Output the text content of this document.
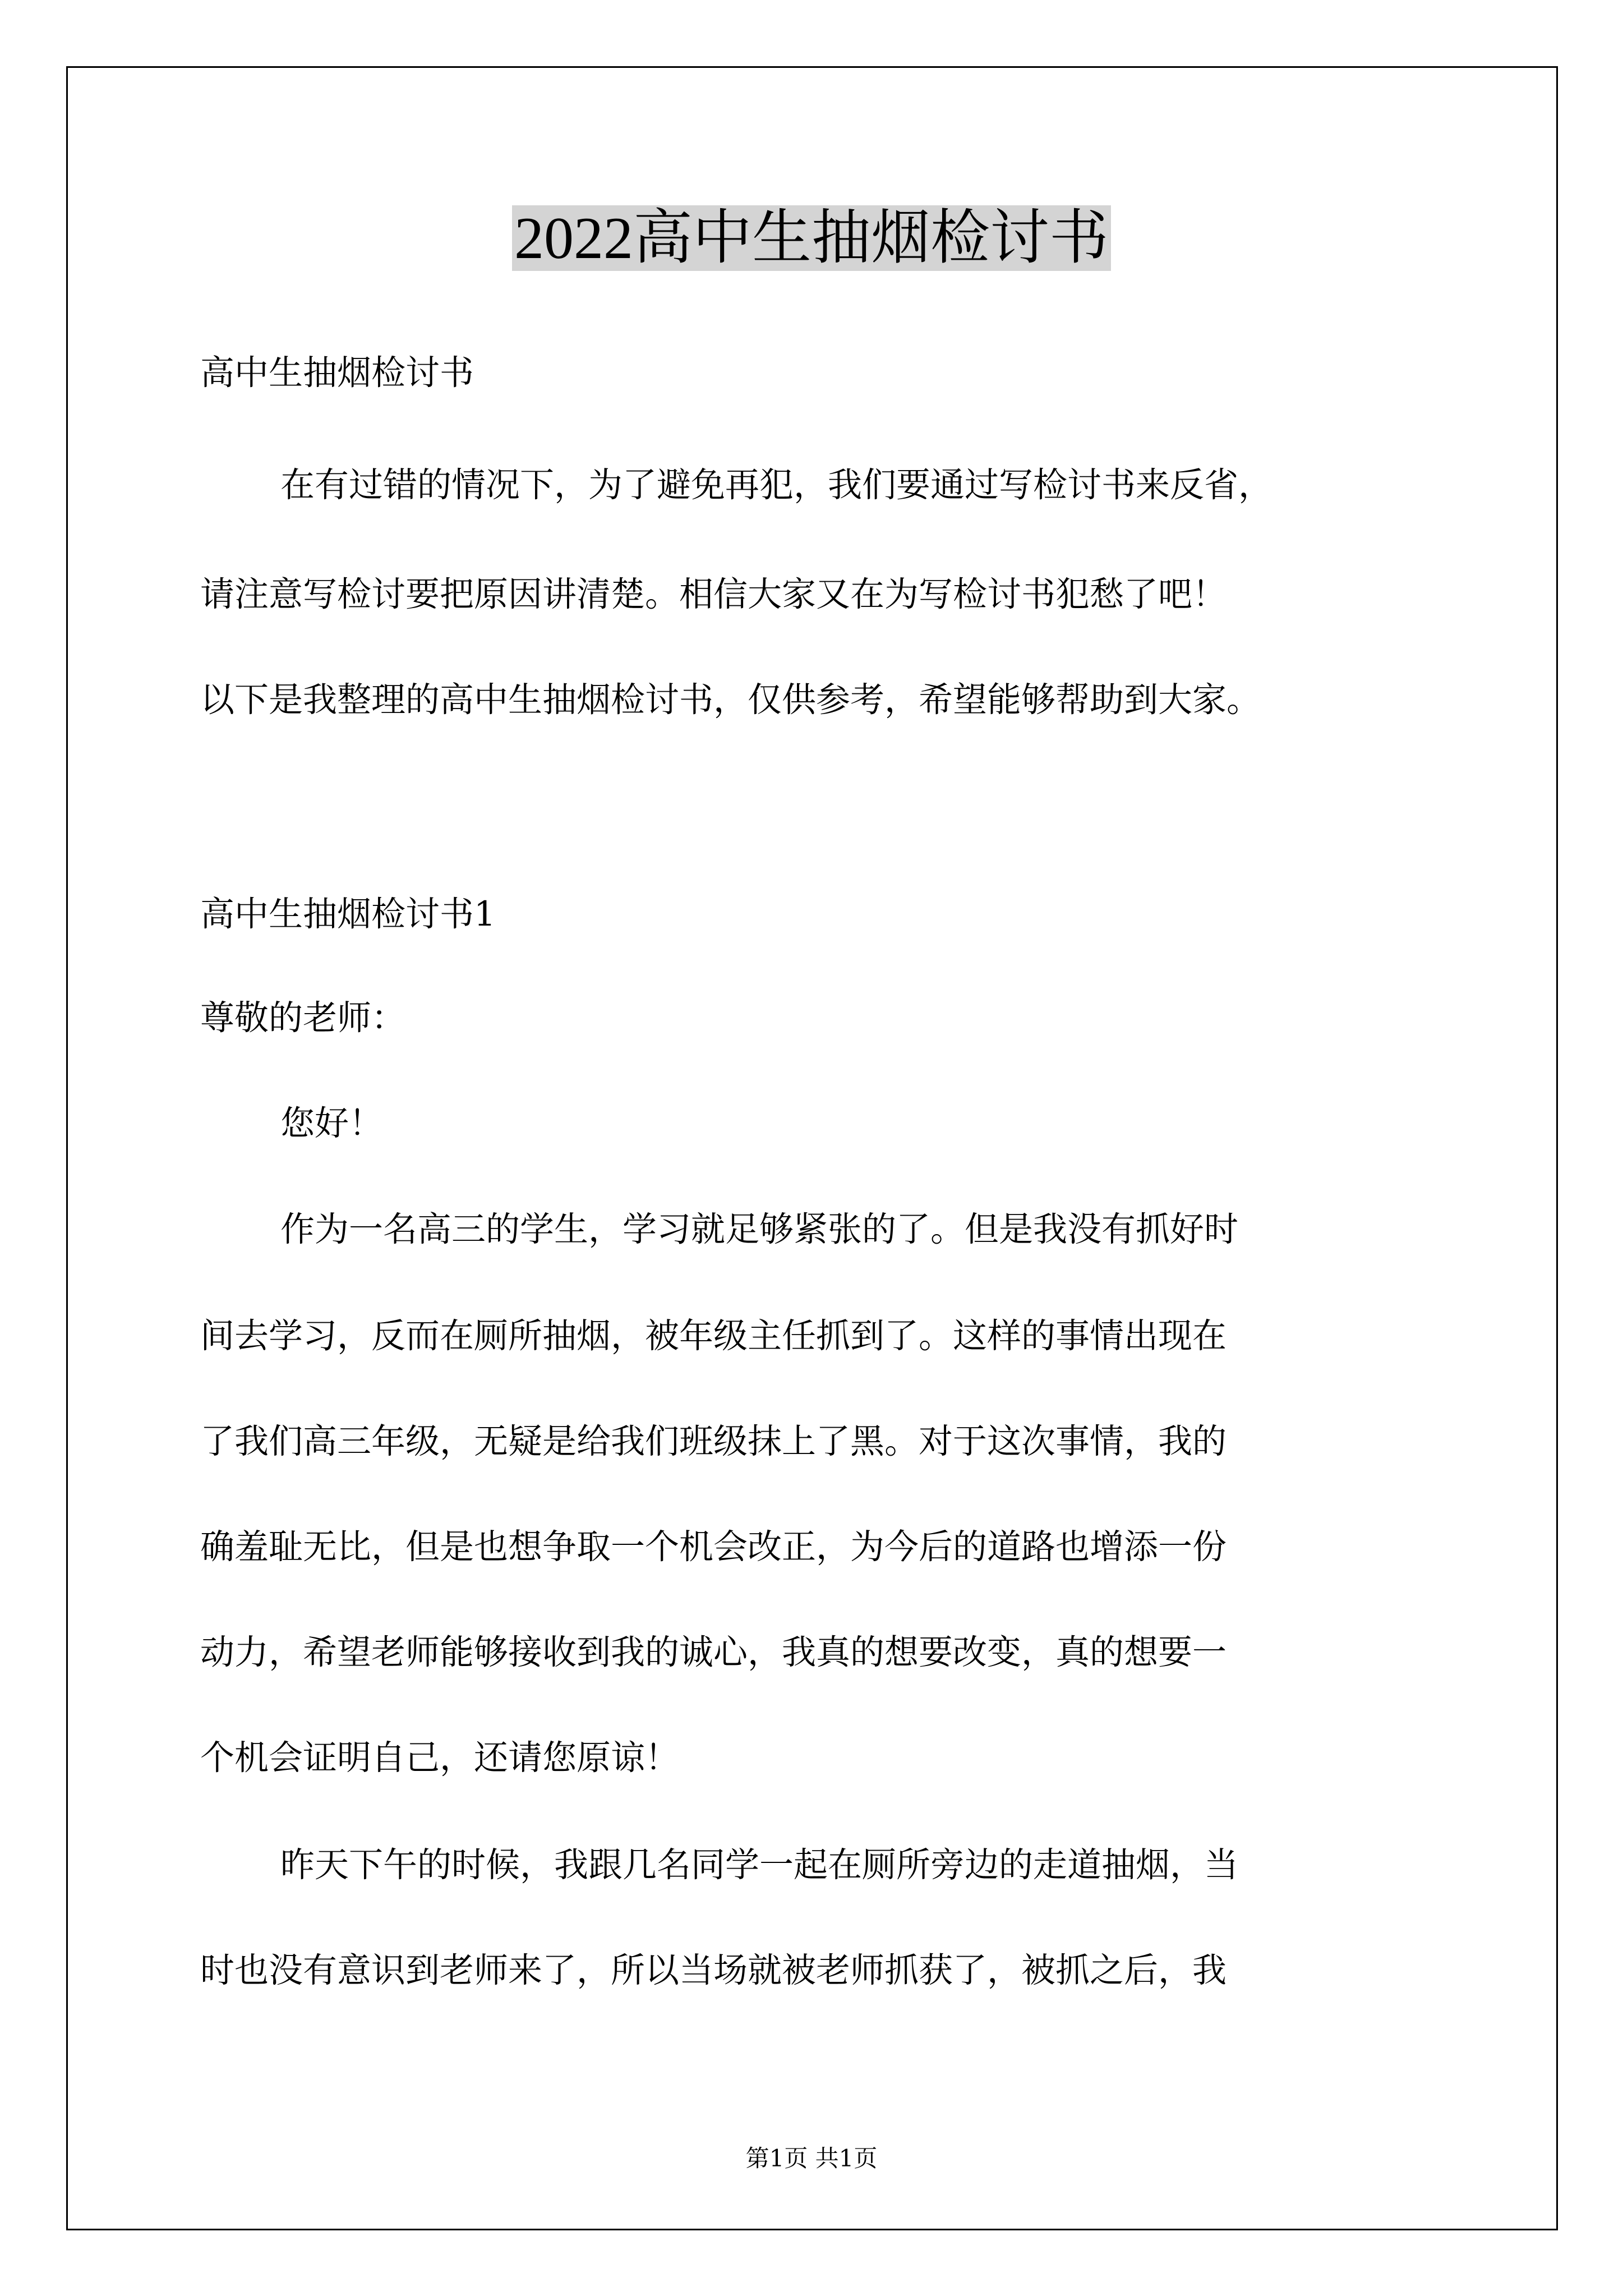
2022高中生抽烟检讨书
高中生抽烟检讨书
在有过错的情况下，为了避免再犯，我们要通过写检讨书来反省，
请注意写检讨要把原因讲清楚。相信大家又在为写检讨书犯愁了吧！
以下是我整理的高中生抽烟检讨书，仅供参考，希望能够帮助到大家。
高中生抽烟检讨书1
尊敬的老师：
您好！
作为一名高三的学生，学习就足够紧张的了。但是我没有抓好时
间去学习，反而在厕所抽烟，被年级主任抓到了。这样的事情出现在
了我们高三年级，无疑是给我们班级抹上了黑。对于这次事情，我的
确羞耻无比，但是也想争取一个机会改正，为今后的道路也增添一份
动力，希望老师能够接收到我的诚心，我真的想要改变，真的想要一
个机会证明自己，还请您原谅！
昨天下午的时候，我跟几名同学一起在厕所旁边的走道抽烟，当
时也没有意识到老师来了，所以当场就被老师抓获了，被抓之后，我
第1页 共1页
